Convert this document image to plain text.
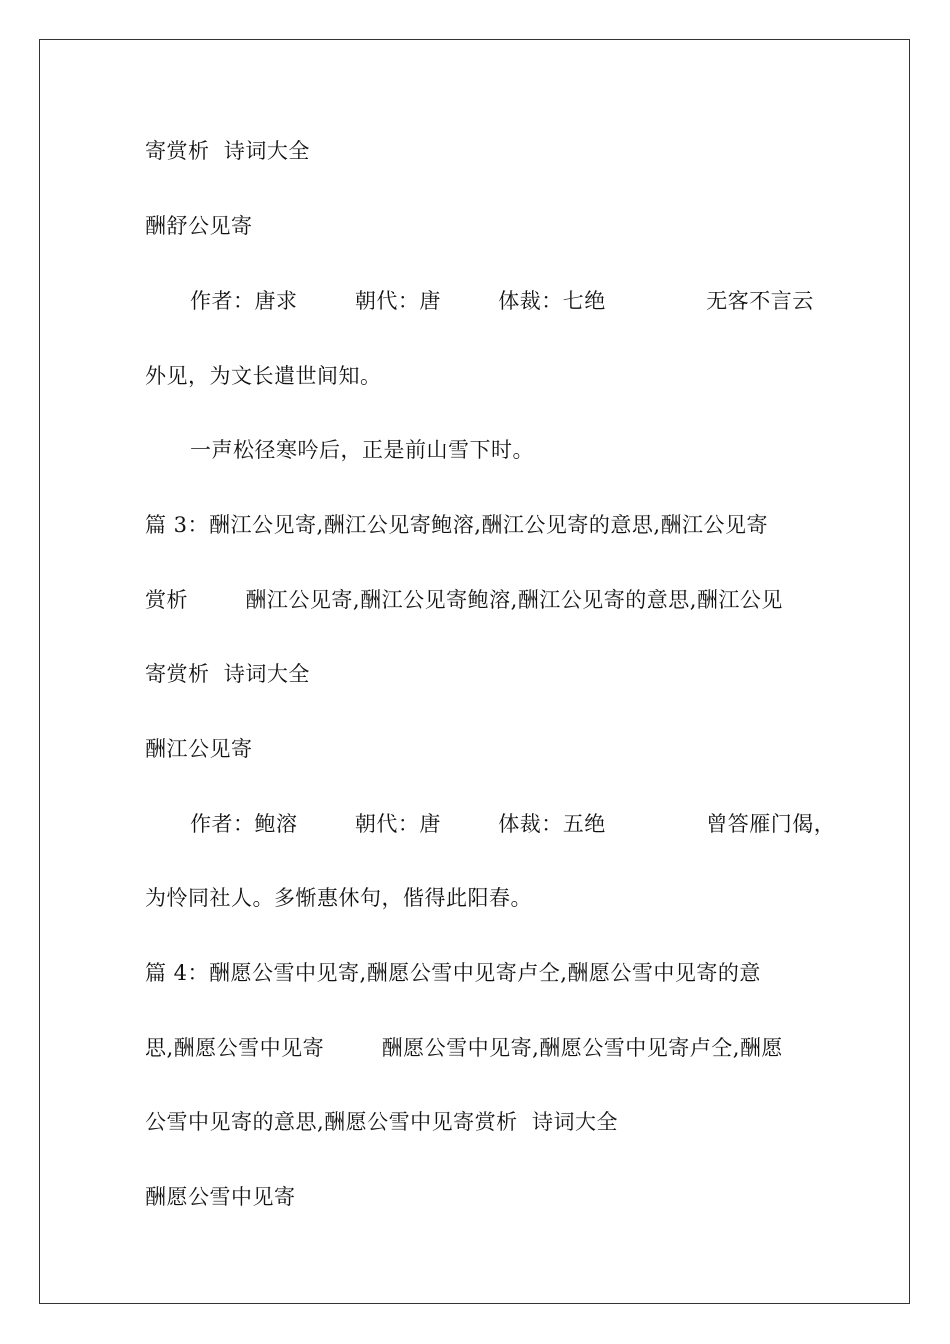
寄赏析  诗词大全
酬舒公见寄
作者：唐求        朝代：唐        体裁：七绝              无客不言云
外见，为文长遣世间知。
一声松径寒吟后，正是前山雪下时。
篇 3：酬江公见寄,酬江公见寄鲍溶,酬江公见寄的意思,酬江公见寄
赏析        酬江公见寄,酬江公见寄鲍溶,酬江公见寄的意思,酬江公见
寄赏析  诗词大全
酬江公见寄
作者：鲍溶        朝代：唐        体裁：五绝              曾答雁门偈，
为怜同社人。多惭惠休句，偕得此阳春。
篇 4：酬愿公雪中见寄,酬愿公雪中见寄卢仝,酬愿公雪中见寄的意
思,酬愿公雪中见寄        酬愿公雪中见寄,酬愿公雪中见寄卢仝,酬愿
公雪中见寄的意思,酬愿公雪中见寄赏析  诗词大全
酬愿公雪中见寄
